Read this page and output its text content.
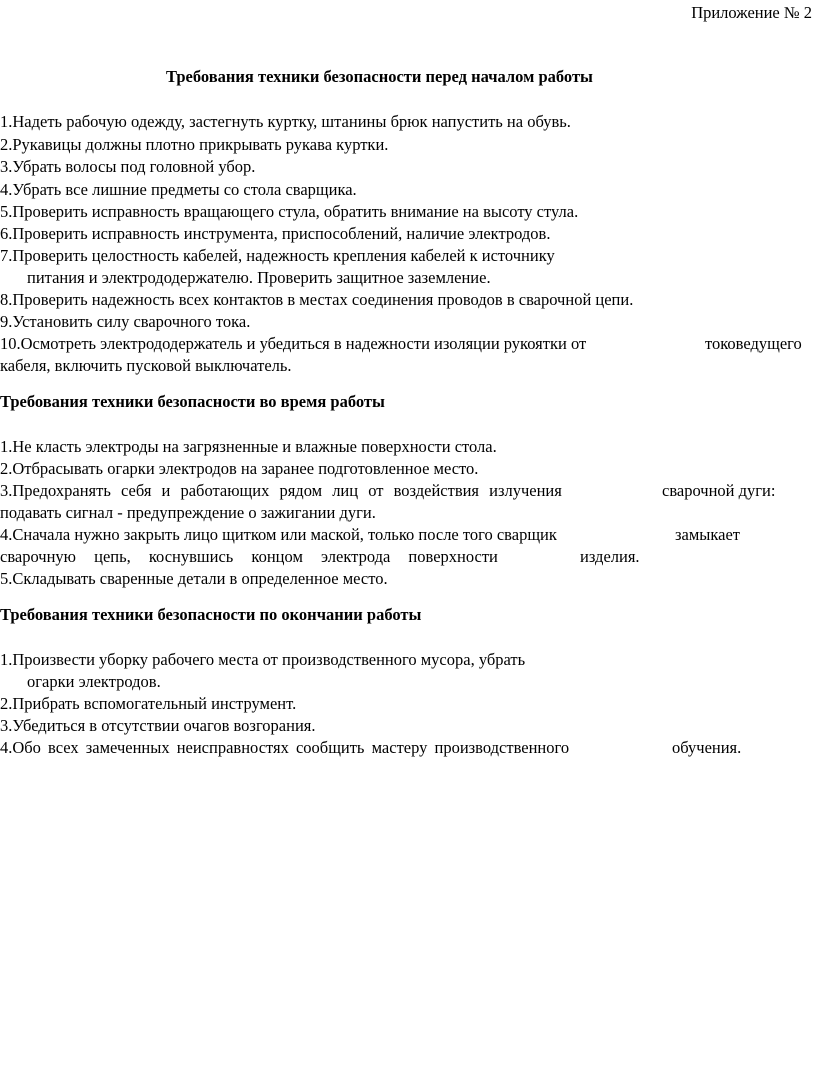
Приложение № 2
Требования техники безопасности перед началом работы
1.Надеть рабочую одежду, застегнуть куртку, штанины брюк напустить на обувь.
2.Рукавицы должны плотно прикрывать рукава куртки.
3.Убрать волосы под головной убор.
4.Убрать все лишние предметы со стола сварщика.
5.Проверить исправность вращающего стула, обратить внимание на высоту стула.
6.Проверить исправность инструмента, приспособлений, наличие электродов.
7.Проверить целостность кабелей, надежность крепления кабелей к источнику
питания и электрододержателю. Проверить защитное заземление.
8.Проверить надежность всех контактов в местах соединения проводов в сварочной цепи.
9.Установить силу сварочного тока.
10.Осмотреть электрододержатель и убедиться в надежности изоляции рукоятки от	токоведущего
кабеля, включить пусковой выключатель.
Требования техники безопасности во время работы
1.Не класть электроды на загрязненные и влажные поверхности стола.
2.Отбрасывать огарки электродов на заранее подготовленное место.
3.Предохранять себя и работающих рядом лиц от воздействия излучения	сварочной дуги:
подавать сигнал - предупреждение о зажигании дуги.
4.Сначала нужно закрыть лицо щитком или маской, только после того сварщик	замыкает
сварочную цепь, коснувшись концом электрода поверхности	изделия.
5.Складывать сваренные детали в определенное место.
Требования техники безопасности по окончании работы
1.Произвести уборку рабочего места от производственного мусора, убрать
огарки электродов.
2.Прибрать вспомогательный инструмент.
3.Убедиться в отсутствии очагов возгорания.
4.Обо всех замеченных неисправностях сообщить мастеру производственного	обучения.
